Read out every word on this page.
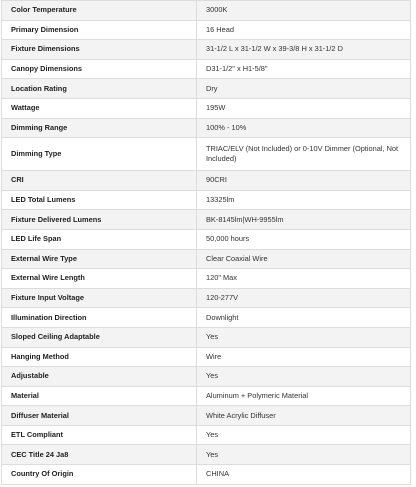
Color Temperature	3000K
Primary Dimension	16 Head
Fixture Dimensions	31-1/2 L x 31-1/2 W x 39-3/8 H x 31-1/2 D
Canopy Dimensions	D31-1/2" x H1-5/8"
Location Rating	Dry
Wattage	195W
Dimming Range	100% - 10%
Dimming Type	TRIAC/ELV (Not Included) or 0-10V Dimmer (Optional, Not Included)
CRI	90CRI
LED Total Lumens	13325lm
Fixture Delivered Lumens	BK-8145lm|WH-9955lm
LED Life Span	50,000 hours
External Wire Type	Clear Coaxial Wire
External Wire Length	120" Max
Fixture Input Voltage	120-277V
Illumination Direction	Downlight
Sloped Ceiling Adaptable	Yes
Hanging Method	Wire
Adjustable	Yes
Material	Aluminum + Polymeric Material
Diffuser Material	White Acrylic Diffuser
ETL Compliant	Yes
CEC Title 24 Ja8	Yes
Country Of Origin	CHINA
